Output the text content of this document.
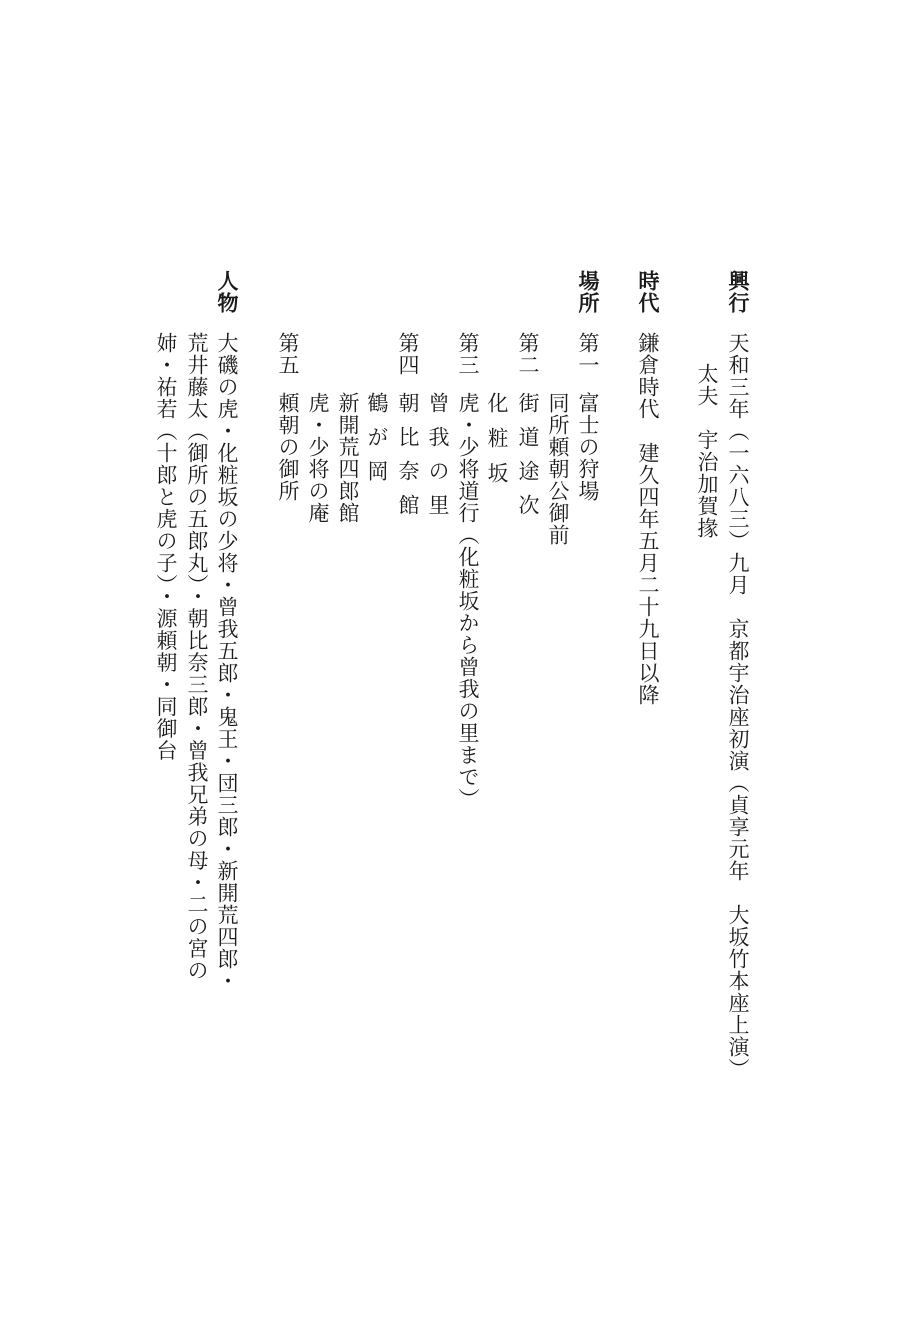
興行
天和三年（一六八三）九月　京都宇治座初演（貞享元年　大坂竹本座上演）
太夫　宇治加賀掾
時代
鎌倉時代　建久四年五月二十九日以降
場所
第一
富士の狩場
同所頼朝公御前
第二
街道途次
化粧坂
第三
虎・少将道行（化粧坂から曾我の里まで）
曾我の里
第四
朝比奈館
鶴が岡
新開荒四郎館
虎・少将の庵
第五
頼朝の御所
人物
大磯の虎・化粧坂の少将・曾我五郎・鬼王・団三郎・新開荒四郎・
荒井藤太（御所の五郎丸）・朝比奈三郎・曾我兄弟の母・二の宮の
姉・祐若（十郎と虎の子）・源頼朝・同御台
